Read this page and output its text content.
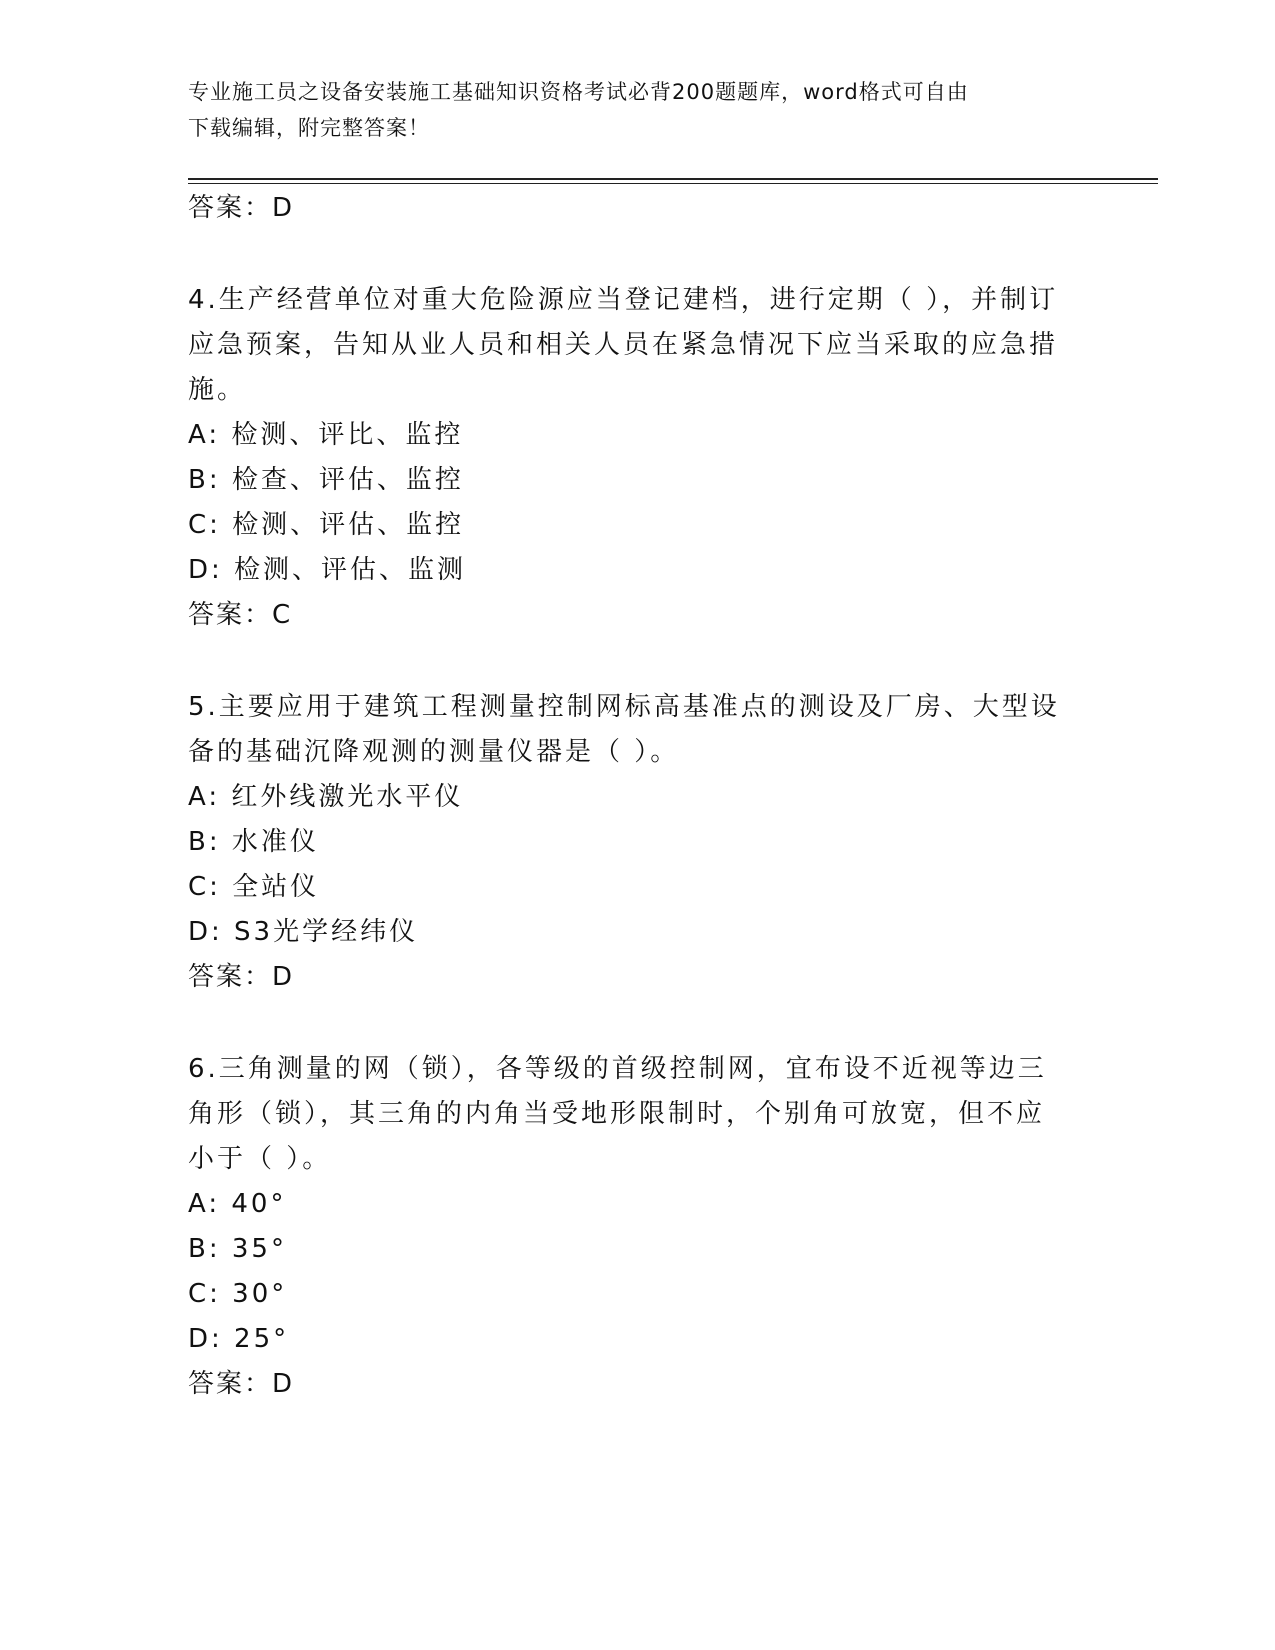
专业施工员之设备安装施工基础知识资格考试必背200题题库，word格式可自由
下载编辑，附完整答案！
答案：D
4.生产经营单位对重大危险源应当登记建档，进行定期（ ），并制订
应急预案，告知从业人员和相关人员在紧急情况下应当采取的应急措
施。
A: 检测、评比、监控
B: 检查、评估、监控
C: 检测、评估、监控
D: 检测、评估、监测
答案：C
5.主要应用于建筑工程测量控制网标高基准点的测设及厂房、大型设
备的基础沉降观测的测量仪器是（ ）。
A: 红外线激光水平仪
B: 水准仪
C: 全站仪
D: S3光学经纬仪
答案：D
6.三角测量的网（锁），各等级的首级控制网，宜布设不近视等边三
角形（锁），其三角的内角当受地形限制时，个别角可放宽，但不应
小于（ ）。
A: 40°
B: 35°
C: 30°
D: 25°
答案：D
